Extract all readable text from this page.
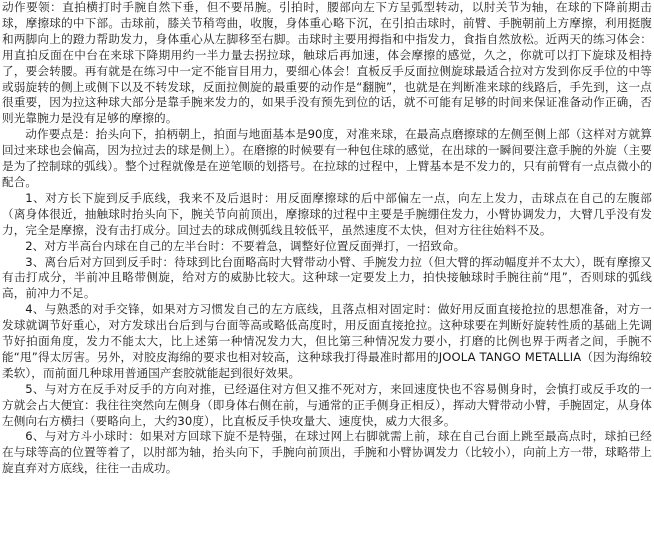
动作要领：直拍横打时手腕自然下垂，但不要吊腕。引拍时，腰部向左下方呈弧型转动，以肘关节为轴，在球的下降前期击球，摩擦球的中下部。击球前，膝关节稍弯曲，收腹，身体重心略下沉，在引拍击球时，前臂、手腕朝前上方摩擦，利用挺腹和两脚向上的蹬力帮助发力，身体重心从左脚移至右脚。击球时主要用拇指和中指发力，食指自然放松。近两天的练习体会：用直拍反面在中台在来球下降期用约一半力量去拐拉球，触球后再加速，体会摩擦的感觉，久之，你就可以打下旋球及相持了，要会转腰。再有就是在练习中一定不能盲目用力，要细心体会！直板反手反面拉侧旋球最适合拉对方发到你反手位的中等或弱旋转的侧上或侧下以及不转发球，反面拉侧旋的最重要的动作是“翻腕”，也就是在判断准来球的线路后，手先到，这一点很重要，因为拉这种球大部分是靠手腕来发力的，如果手没有预先到位的话，就不可能有足够的时间来保证准备动作正确，否则光靠腕力是没有足够的摩擦的。

动作要点是：抬头向下，拍柄朝上，拍面与地面基本是90度，对准来球，在最高点磨擦球的左侧至侧上部（这样对方就算回过来球也会偏高，因为拉过去的球是侧上）。在磨擦的时候要有一种包住球的感觉，在出球的一瞬间要注意手腕的外旋（主要是为了控制球的弧线）。整个过程就像是在逆笔顺的划搭号。在拉球的过程中，上臂基本是不发力的，只有前臂有一点点微小的配合。

1、对方长下旋到反手底线，我来不及后退时：用反面摩擦球的后中部偏左一点，向左上发力，击球点在自己的左腹部（离身体很近，抽触球时抬头向下，腕关节向前顶出，摩擦球的过程中主要是手腕绷住发力，小臂协调发力，大臂几乎没有发力，完全是摩擦，没有击打成分。回过去的球成侧弧线且较低平，虽然速度不太快，但对方往往始料不及。

2、对方半高台内球在自己的左半台时：不要着急，调整好位置反面弹打，一招致命。

3、离台后对方回到反手时：待球到比台面略高时大臂带动小臂、手腕发力拉（但大臂的挥动幅度并不太大），既有摩擦又有击打成分，半前冲且略带侧旋，给对方的威胁比较大。这种球一定要发上力，拍快接触球时手腕往前“甩”，否则球的弧线高，前冲力不足。

4、与熟悉的对手交锋，如果对方习惯发自己的左方底线，且落点相对固定时：做好用反面直接抢拉的思想准备，对方一发球就调节好重心，对方发球出台后到与台面等高或略低高度时，用反面直接抢拉。这种球要在判断好旋转性质的基础上先调节好拍面角度，发力不能太大，比上述第一种情况发力大，但比第三种情况发力要小，打磨的比例也界于两者之间，手腕不能“甩”得太厉害。另外，对胶皮海绵的要求也相对较高，这种球我打得最准时都用的JOOLA TANGO METALLIA（因为海绵较柔软），而前面几种球用普通国产套胶就能起到很好效果。

5、与对方在反手对反手的方向对推，已经逼住对方但又推不死对方，来回速度快也不容易侧身时，会慎打或反手攻的一方就会占大便宜：我往往突然向左侧身（即身体右侧在前，与通常的正手侧身正相反），挥动大臂带动小臂，手腕固定，从身体左侧向右方横扫（要略向上，大约30度），比直板反手快攻量大、速度快，威力大很多。

6、与对方斗小球时：如果对方回球下旋不是特强，在球过网上右脚就需上前，球在自己台面上跳至最高点时，球拍已经在与球等高的位置等着了，以肘部为轴，抬头向下，手腕向前顶出，手腕和小臂协调发力（比较小），向前上方一带，球略带上旋直弃对方底线，往往一击成功。
